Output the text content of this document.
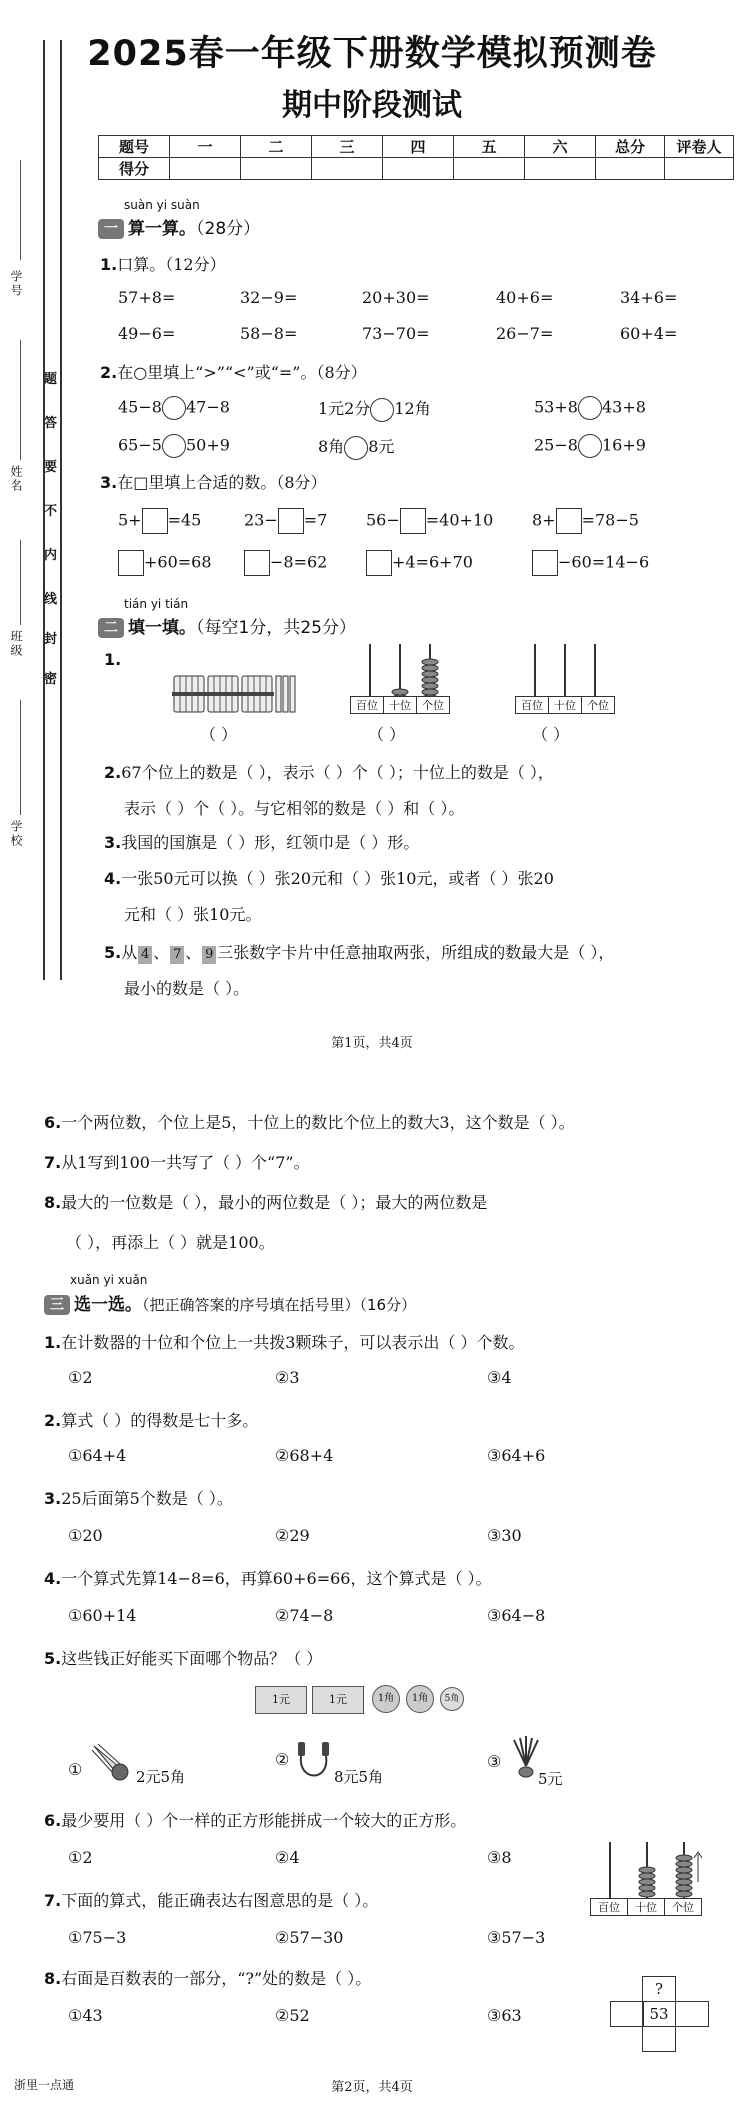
学号
姓名
班级
学校
题
答
要
不
内
线
封
密
2025春一年级下册数学模拟预测卷
期中阶段测试
题号	一	二	三	四	五	六	总分	评卷人
得分								
suàn yi suàn
一 算一算。（28分）
1.口算。（12分）
57+8=	32−9=	20+30=	40+6=	34+6=
49−6=	58−8=	73−70=	26−7=	60+4=
2.在○里填上“>”“<”或“=”。（8分）
45−8 47−8	1元2分 12角	53+8 43+8
65−5 50+9	8角 8元	25−8 16+9
3.在□里填上合适的数。（8分）
5+ =45	23− =7 56− =40+10 8+ =78−5
+60=68	−8=62	+4=6+70	−60=14−6
tián yi tián
二 填一填。（每空1分，共25分）
1.
（ ）
百位	十位	个位
（ ）
百位	十位	个位
（ ）
2.67个位上的数是（ ），表示（ ）个（ ）；十位上的数是（ ），
表示（ ）个（ ）。与它相邻的数是（ ）和（ ）。
3.我国的国旗是（ ）形，红领巾是（ ）形。
4.一张50元可以换（ ）张20元和（ ）张10元，或者（ ）张20
元和（ ）张10元。
5.从 4 、 7 、 9 三张数字卡片中任意抽取两张，所组成的数最大是（ ），
最小的数是（ ）。
第1页，共4页
6.一个两位数，个位上是5，十位上的数比个位上的数大3，这个数是（ ）。
7.从1写到100一共写了（ ）个“7”。
8.最大的一位数是（ ），最小的两位数是（ ）；最大的两位数是
（ ），再添上（ ）就是100。
xuǎn yi xuǎn
三 选一选。（把正确答案的序号填在括号里）（16分）
1.在计数器的十位和个位上一共拨3颗珠子，可以表示出（ ）个数。
①2	②3	③4
2.算式（ ）的得数是七十多。
①64+4	②68+4	③64+6
3.25后面第5个数是（ ）。
①20	②29	③30
4.一个算式先算14−8=6，再算60+6=66，这个算式是（ ）。
①60+14	②74−8	③64−8
5.这些钱正好能买下面哪个物品？（ ）
1元	1元	1角	1角	5角
①	2元5角
②
8元5角
③
5元
6.最少要用（ ）个一样的正方形能拼成一个较大的正方形。
①2	②4	③8
百位	十位	个位
7.下面的算式，能正确表达右图意思的是（ ）。
①75−3	②57−30	③57−3
?
53
8.右面是百数表的一部分，“?”处的数是（ ）。
①43	②52	③63
浙里一点通	第2页，共4页
